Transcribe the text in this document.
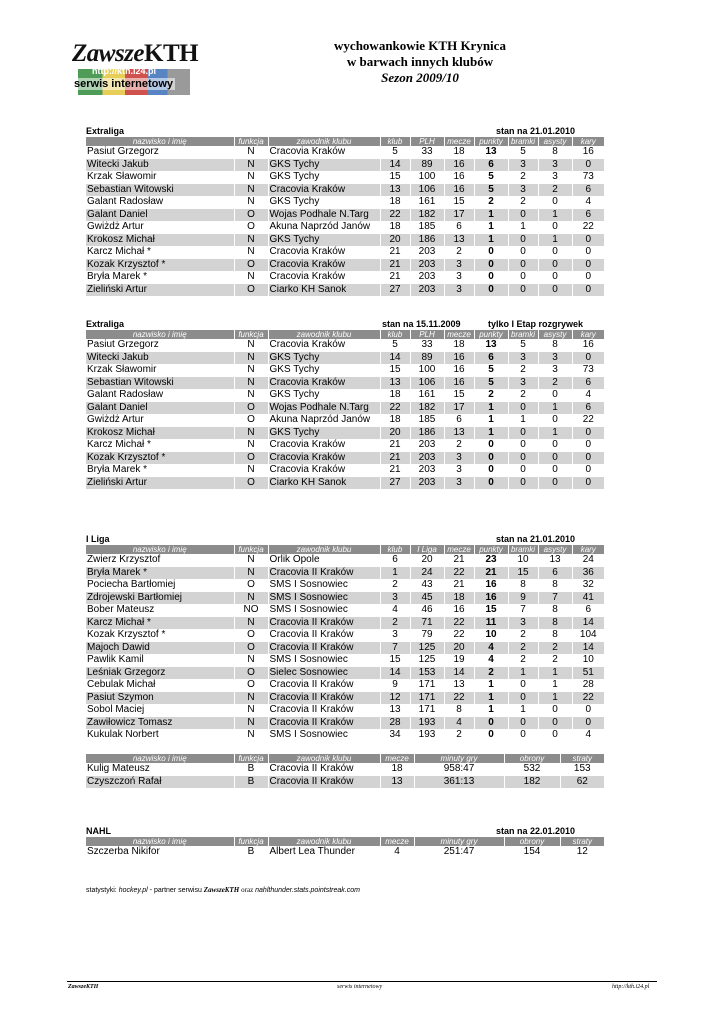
ZawszeKTH
http://kth.i24.pl
serwis internetowy
wychowankowie KTH Krynica
w barwach innych klubów
Sezon 2009/10
Extraliga	stan na 21.01.2010
nazwisko i imię	funkcja	zawodnik klubu	klub	PLH	mecze	punkty	bramki	asysty	kary
Pasiut Grzegorz	N	Cracovia Kraków	5	33	18	13	5	8	16
Witecki Jakub	N	GKS Tychy	14	89	16	6	3	3	0
Krzak Sławomir	N	GKS Tychy	15	100	16	5	2	3	73
Sebastian Witowski	N	Cracovia Kraków	13	106	16	5	3	2	6
Galant Radosław	N	GKS Tychy	18	161	15	2	2	0	4
Galant Daniel	O	Wojas Podhale N.Targ	22	182	17	1	0	1	6
Gwiżdż Artur	O	Akuna Naprzód Janów	18	185	6	1	1	0	22
Krokosz Michał	N	GKS Tychy	20	186	13	1	0	1	0
Karcz Michał *	N	Cracovia Kraków	21	203	2	0	0	0	0
Kozak Krzysztof *	O	Cracovia Kraków	21	203	3	0	0	0	0
Bryła Marek *	N	Cracovia Kraków	21	203	3	0	0	0	0
Zieliński Artur	O	Ciarko KH Sanok	27	203	3	0	0	0	0
Extraliga	stan na 15.11.2009	tylko I Etap rozgrywek
nazwisko i imię	funkcja	zawodnik klubu	klub	PLH	mecze	punkty	bramki	asysty	kary
Pasiut Grzegorz	N	Cracovia Kraków	5	33	18	13	5	8	16
Witecki Jakub	N	GKS Tychy	14	89	16	6	3	3	0
Krzak Sławomir	N	GKS Tychy	15	100	16	5	2	3	73
Sebastian Witowski	N	Cracovia Kraków	13	106	16	5	3	2	6
Galant Radosław	N	GKS Tychy	18	161	15	2	2	0	4
Galant Daniel	O	Wojas Podhale N.Targ	22	182	17	1	0	1	6
Gwiżdż Artur	O	Akuna Naprzód Janów	18	185	6	1	1	0	22
Krokosz Michał	N	GKS Tychy	20	186	13	1	0	1	0
Karcz Michał *	N	Cracovia Kraków	21	203	2	0	0	0	0
Kozak Krzysztof *	O	Cracovia Kraków	21	203	3	0	0	0	0
Bryła Marek *	N	Cracovia Kraków	21	203	3	0	0	0	0
Zieliński Artur	O	Ciarko KH Sanok	27	203	3	0	0	0	0
I Liga	stan na 21.01.2010
nazwisko i imię	funkcja	zawodnik klubu	klub	I Liga	mecze	punkty	bramki	asysty	kary
Zwierz Krzysztof	N	Orlik Opole	6	20	21	23	10	13	24
Bryła Marek *	N	Cracovia II Kraków	1	24	22	21	15	6	36
Pociecha Bartłomiej	O	SMS I Sosnowiec	2	43	21	16	8	8	32
Zdrojewski Bartłomiej	N	SMS I Sosnowiec	3	45	18	16	9	7	41
Bober Mateusz	NO	SMS I Sosnowiec	4	46	16	15	7	8	6
Karcz Michał *	N	Cracovia II Kraków	2	71	22	11	3	8	14
Kozak Krzysztof *	O	Cracovia II Kraków	3	79	22	10	2	8	104
Majoch Dawid	O	Cracovia II Kraków	7	125	20	4	2	2	14
Pawlik Kamil	N	SMS I Sosnowiec	15	125	19	4	2	2	10
Leśniak Grzegorz	O	Sielec Sosnowiec	14	153	14	2	1	1	51
Cebulak Michał	O	Cracovia II Kraków	9	171	13	1	0	1	28
Pasiut Szymon	N	Cracovia II Kraków	12	171	22	1	0	1	22
Sobol Maciej	N	Cracovia II Kraków	13	171	8	1	1	0	0
Zawiłowicz Tomasz	N	Cracovia II Kraków	28	193	4	0	0	0	0
Kukulak Norbert	N	SMS I Sosnowiec	34	193	2	0	0	0	4
nazwisko i imię	funkcja	zawodnik klubu	mecze	minuty gry	obrony	straty
Kulig Mateusz	B	Cracovia II Kraków	18	958:47	532	153
Czyszczoń Rafał	B	Cracovia II Kraków	13	361:13	182	62
NAHL	stan na 22.01.2010
nazwisko i imię	funkcja	zawodnik klubu	mecze	minuty gry	obrony	straty
Szczerba Nikifor	B	Albert Lea Thunder	4	251:47	154	12
statystyki: hockey.pl - partner serwisu ZawszeKTH oraz nahlthunder.stats.pointstreak.com
ZawszeKTH	serwis internetowy	http://kth.i24.pl
